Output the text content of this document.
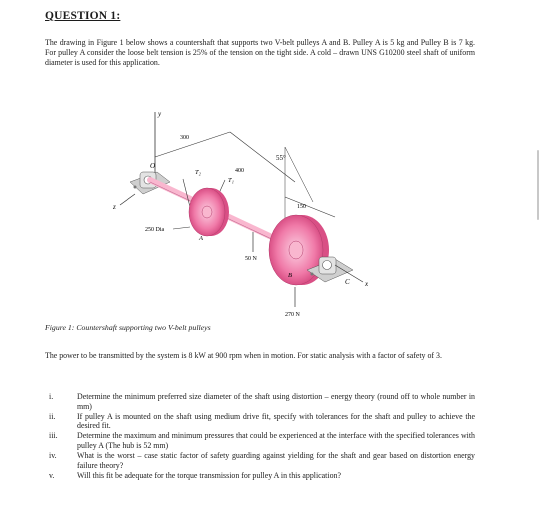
QUESTION 1:

The drawing in Figure 1 below shows a countershaft that supports two V-belt pulleys A and B. Pulley A is 5 kg and Pulley B is 7 kg. For pulley A consider the loose belt tension is 25% of the tension on the tight side. A cold – drawn UNS G10200 steel shaft of uniform diameter is used for this application.

y
300
400
150
55°
O
z
T₂
T₁
A
250 Dia
50 N
B
270 N
C x
Figure 1: Countershaft supporting two V-belt pulleys

The power to be transmitted by the system is 8 kW at 900 rpm when in motion. For static analysis with a factor of safety of 3.

i.	Determine the minimum preferred size diameter of the shaft using distortion – energy theory (round off to whole number in mm)
ii.	If pulley A is mounted on the shaft using medium drive fit, specify with tolerances for the shaft and pulley to achieve the desired fit.
iii.	Determine the maximum and minimum pressures that could be experienced at the interface with the specified tolerances with pulley A (The hub is 52 mm)
iv.	What is the worst – case static factor of safety guarding against yielding for the shaft and gear based on distortion energy failure theory?
v.	Will this fit be adequate for the torque transmission for pulley A in this application?
